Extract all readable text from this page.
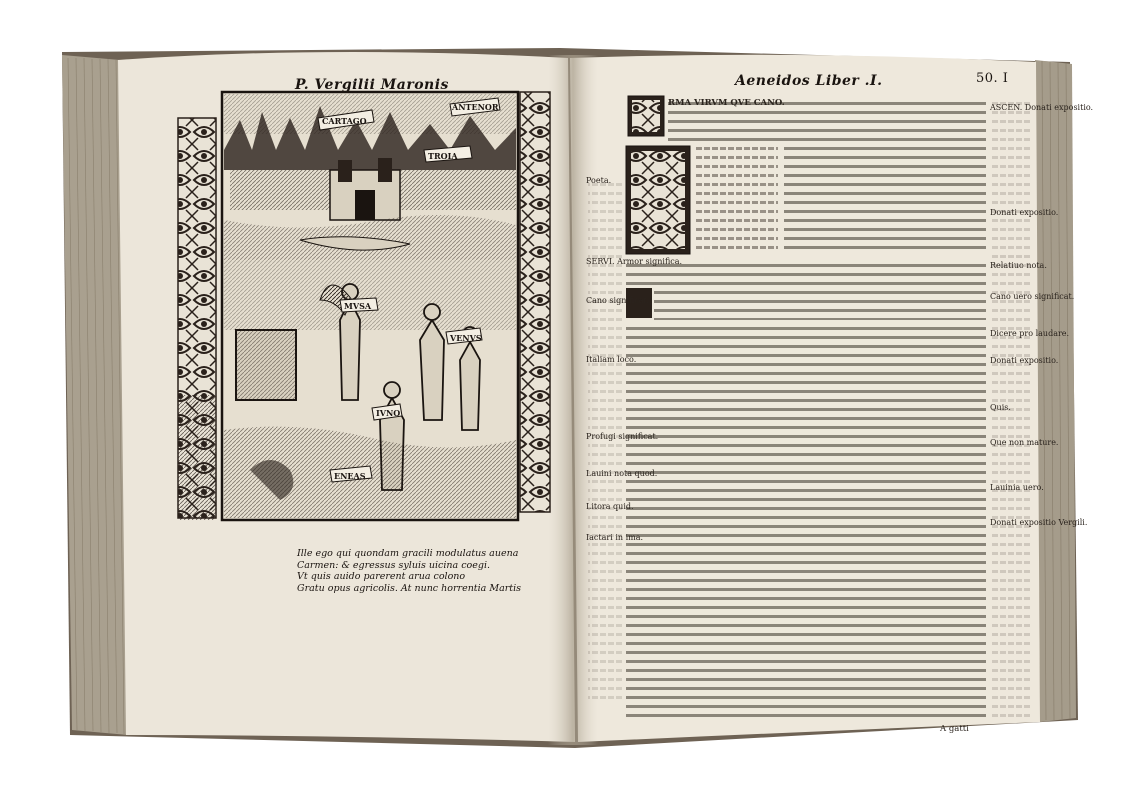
CARTAGO
TROIA
ANTENOR
MVSA
VENVS
IVNO
ENEAS
P. Vergilii Maronis	Aeneidos Liber .I.	50. I
Ille ego qui quondam gracili modulatus auena
Carmen: & egressus syluis uicina coegi.
Vt quis auido parerent arua colono
Gratu opus agricolis. At nunc horrentia Martis
RMA VIRVM QVE CANO.
Poeta.
SERVI. Armor significa.
Cano significat.
Italiam loco.
Profugi significat.
Lauini nota quod.
Litora quid.
Iactari in ima.
ASCEN. Donati expositio.
Donati expositio.
Relatiuo nota.
Cano uero significat.
Dicere pro laudare.
Donati expositio.
Quis.
Que non mature.
Lauinia uero.
Donati expositio Vergili.
A gatti
